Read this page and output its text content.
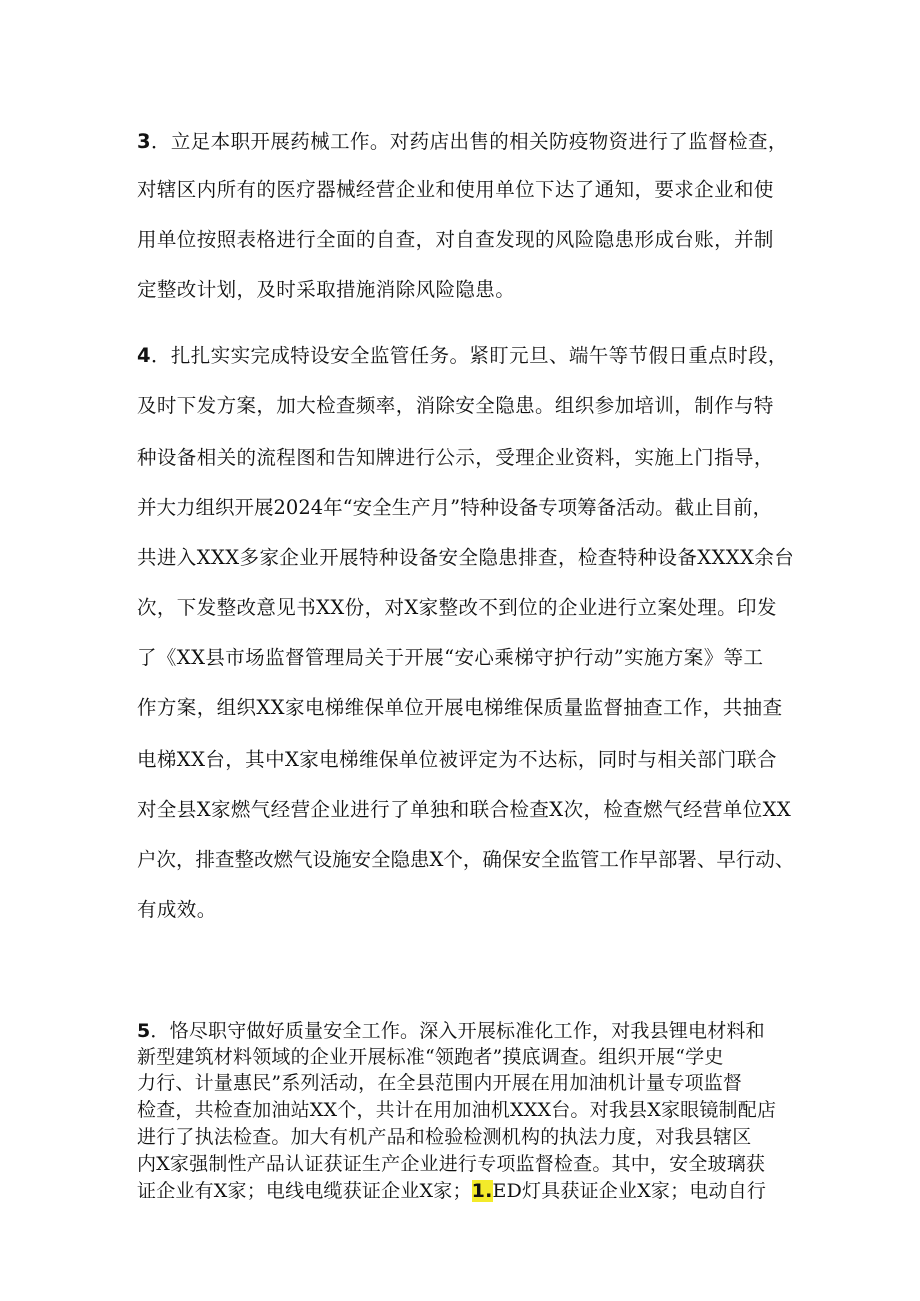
3．立足本职开展药械工作。对药店出售的相关防疫物资进行了监督检查，
对辖区内所有的医疗器械经营企业和使用单位下达了通知，要求企业和使
用单位按照表格进行全面的自查，对自查发现的风险隐患形成台账，并制
定整改计划，及时采取措施消除风险隐患。
4．扎扎实实完成特设安全监管任务。紧盯元旦、端午等节假日重点时段，
及时下发方案，加大检查频率，消除安全隐患。组织参加培训，制作与特
种设备相关的流程图和告知牌进行公示，受理企业资料，实施上门指导，
并大力组织开展2024年“安全生产月”特种设备专项筹备活动。截止目前，
共进入XXX多家企业开展特种设备安全隐患排查，检查特种设备XXXX余台
次，下发整改意见书XX份，对X家整改不到位的企业进行立案处理。印发
了《XX县市场监督管理局关于开展“安心乘梯守护行动”实施方案》等工
作方案，组织XX家电梯维保单位开展电梯维保质量监督抽查工作，共抽查
电梯XX台，其中X家电梯维保单位被评定为不达标，同时与相关部门联合
对全县X家燃气经营企业进行了单独和联合检查X次，检查燃气经营单位XX
户次，排查整改燃气设施安全隐患X个，确保安全监管工作早部署、早行动、
有成效。
5．恪尽职守做好质量安全工作。深入开展标准化工作，对我县锂电材料和
新型建筑材料领域的企业开展标准“领跑者”摸底调查。组织开展“学史
力行、计量惠民”系列活动，在全县范围内开展在用加油机计量专项监督
检查，共检查加油站XX个，共计在用加油机XXX台。对我县X家眼镜制配店
进行了执法检查。加大有机产品和检验检测机构的执法力度，对我县辖区
内X家强制性产品认证获证生产企业进行专项监督检查。其中，安全玻璃获
证企业有X家；电线电缆获证企业X家；1.ED灯具获证企业X家；电动自行
